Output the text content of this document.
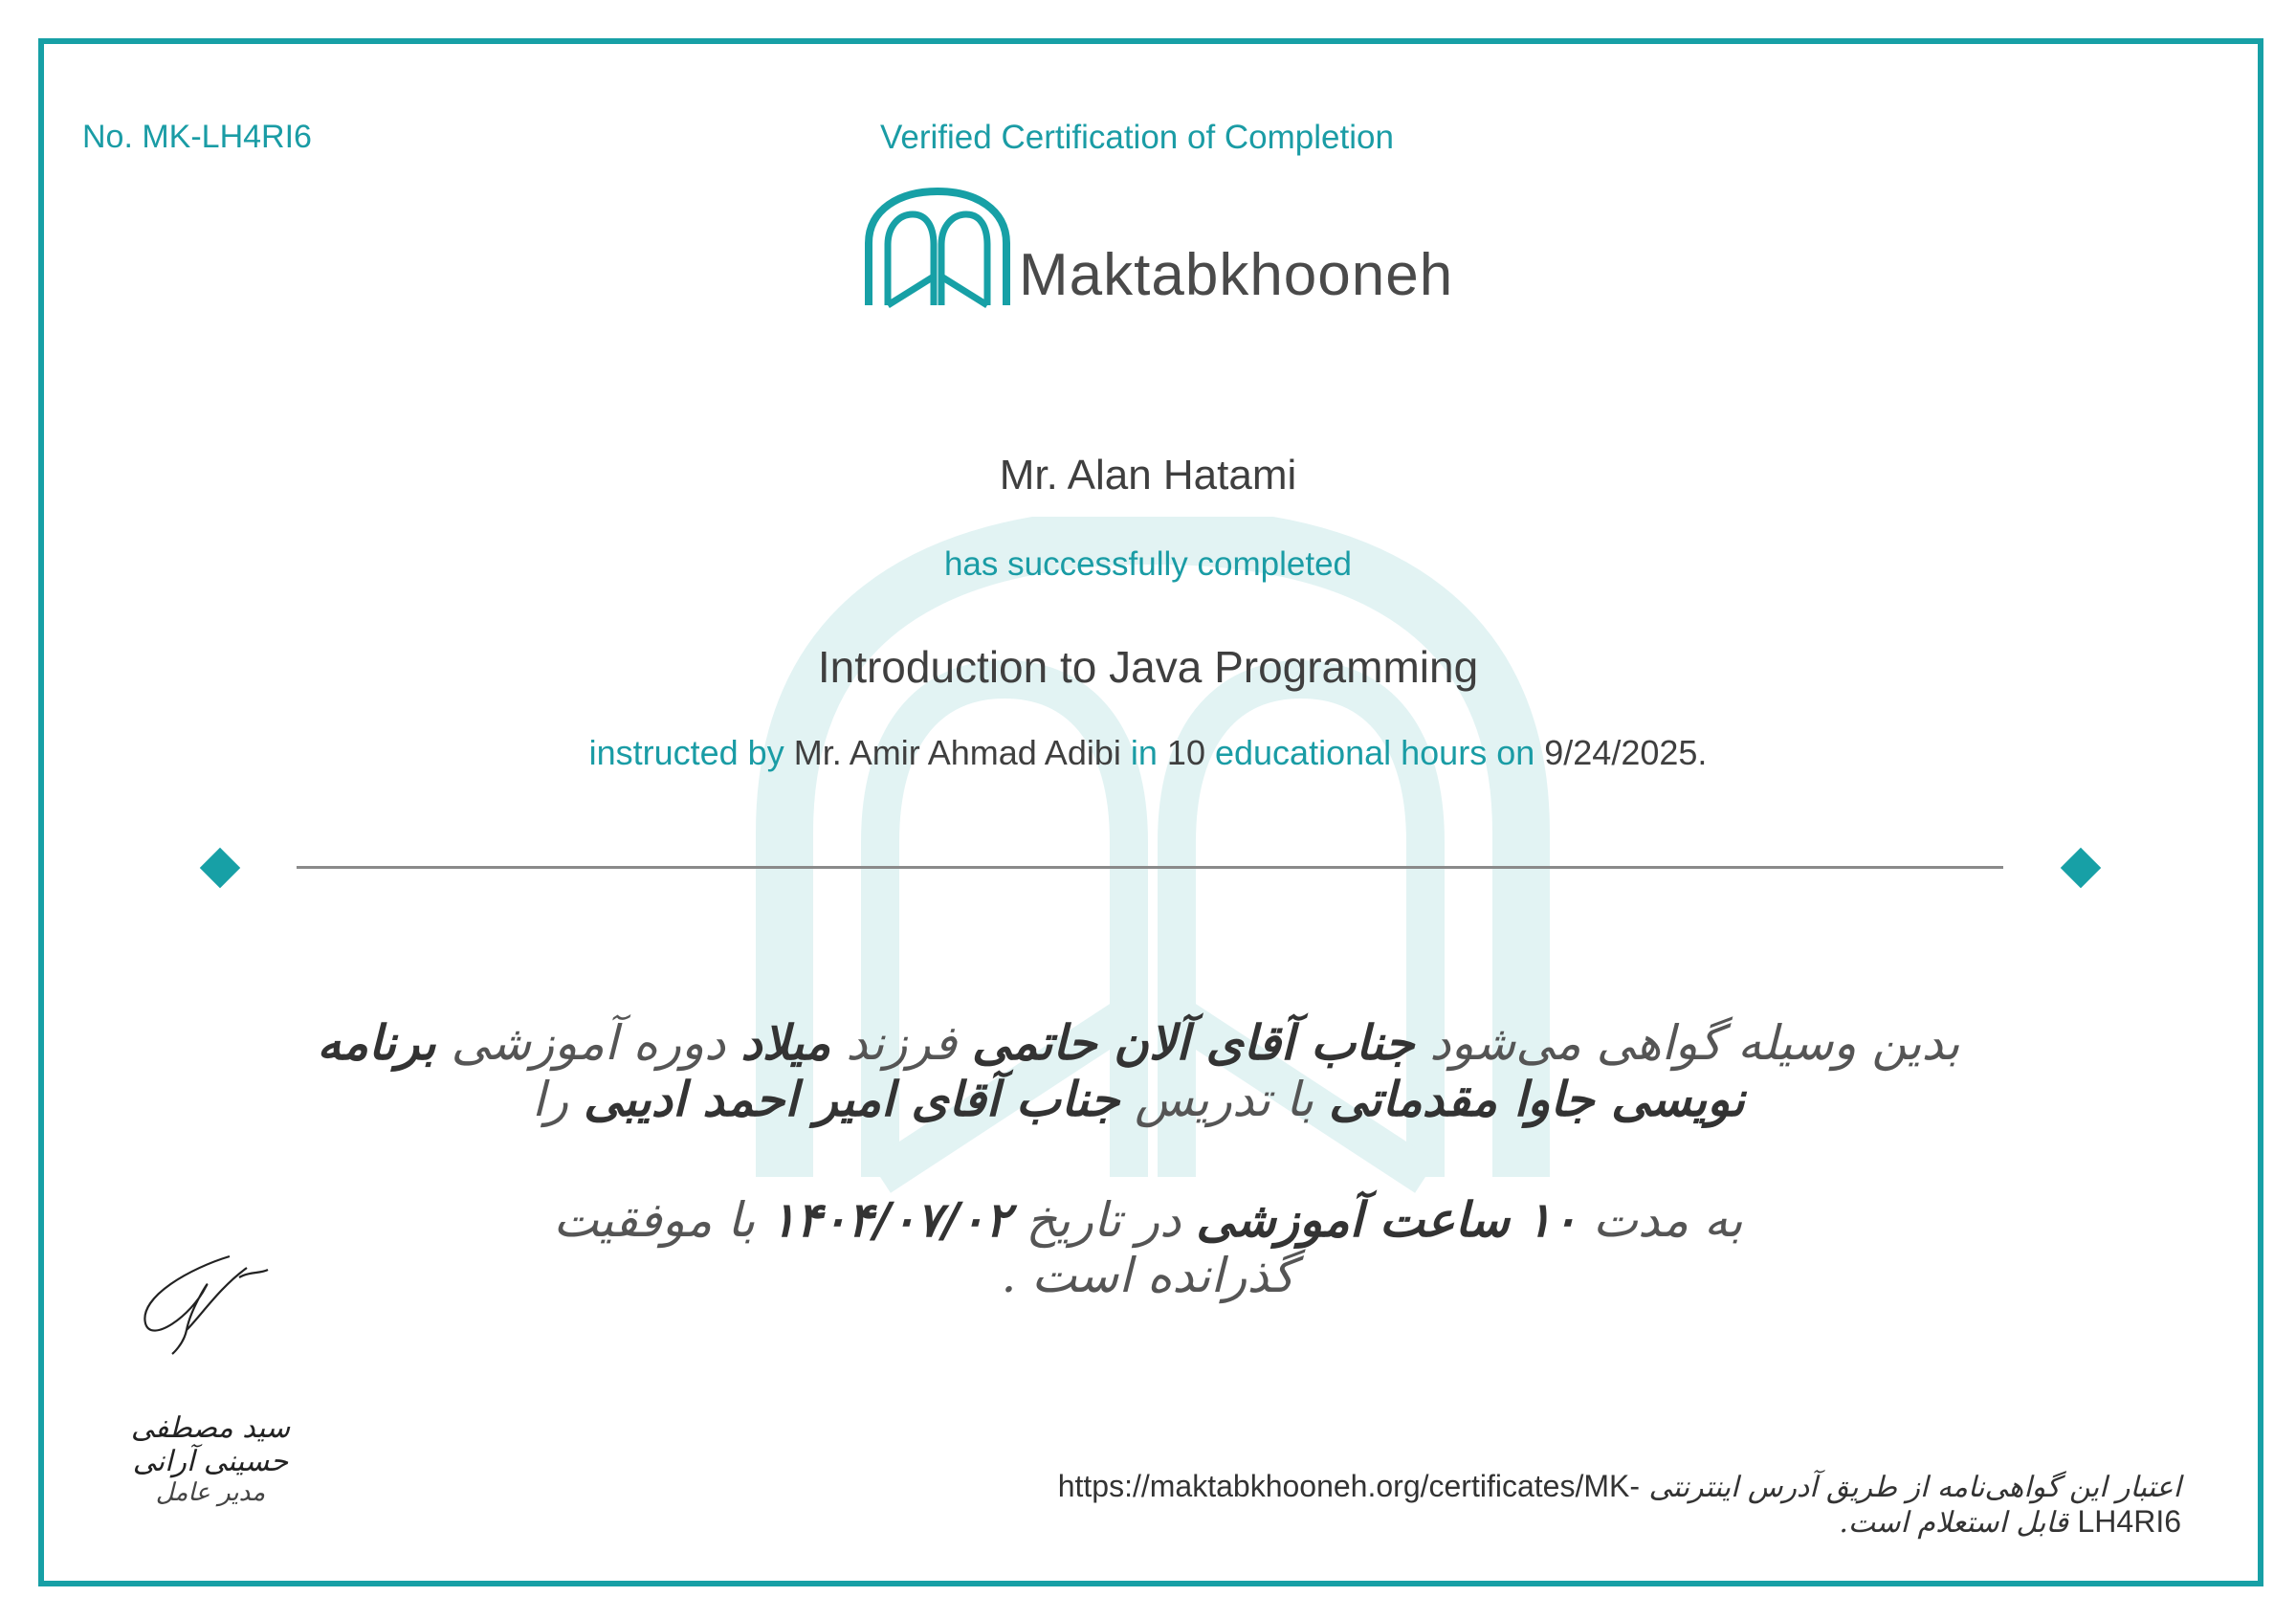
No. MK-LH4RI6	Verified Certification of Completion
Maktabkhooneh
Mr. Alan Hatami
has successfully completed
Introduction to Java Programming
instructed by Mr. Amir Ahmad Adibi in 10 educational hours on 9/24/2025.
بدین وسیله گواهی می‌شود جناب آقای آلان حاتمی فرزند میلاد دوره آموزشی برنامه نویسی جاوا مقدماتی با تدریس جناب آقای امیر احمد ادیبی را
به مدت ۱۰ ساعت آموزشی در تاریخ ۱۴۰۴/۰۷/۰۲ با موفقیت گذرانده است .
سید مصطفی حسینی آرانی
مدیر عامل	اعتبار این گواهی‌نامه از طریق آدرس اینترنتی https://maktabkhooneh.org/certificates/MK-LH4RI6 قابل استعلام است.
